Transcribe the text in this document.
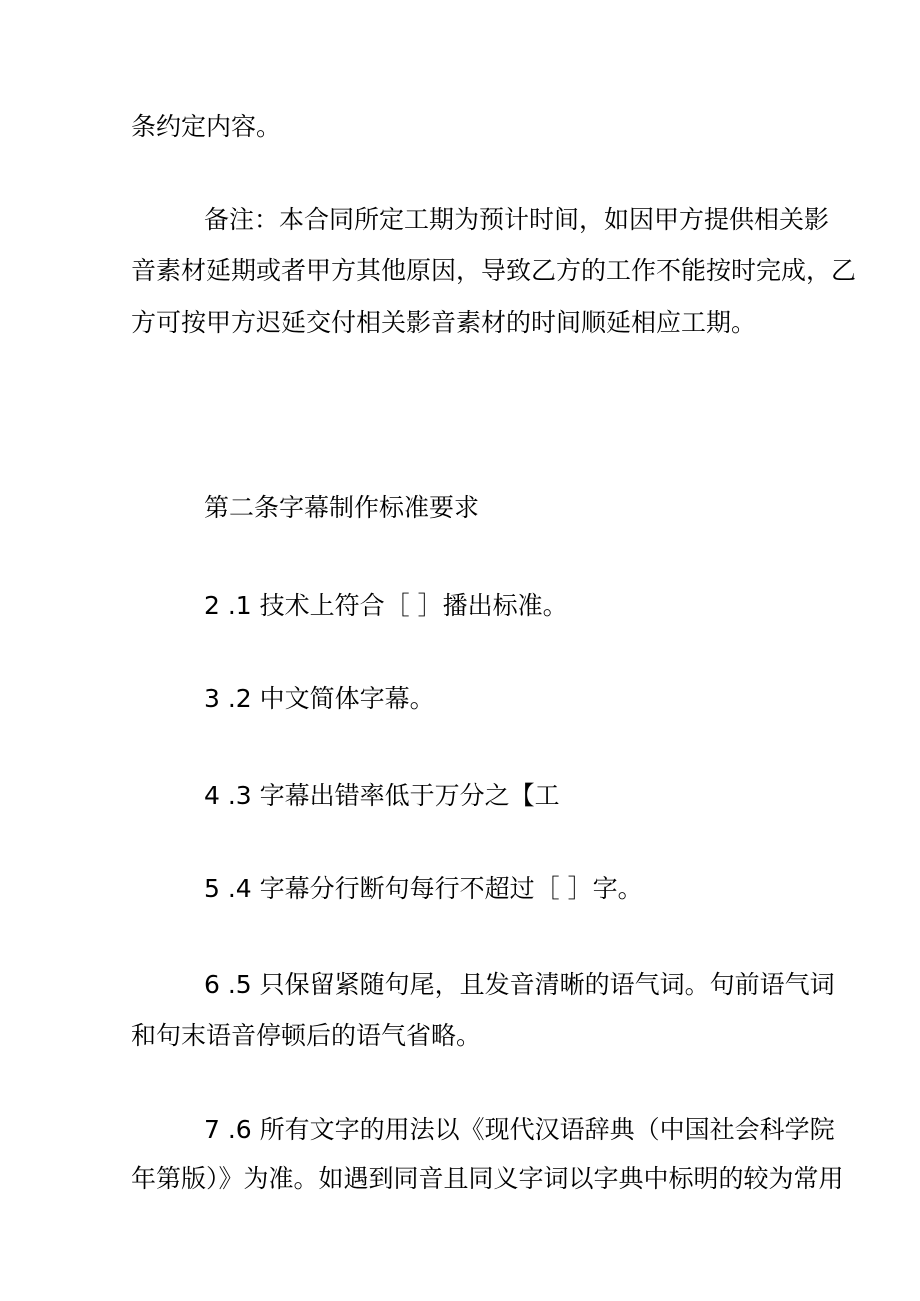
条约定内容。
备注：本合同所定工期为预计时间，如因甲方提供相关影
音素材延期或者甲方其他原因，导致乙方的工作不能按时完成，乙
方可按甲方迟延交付相关影音素材的时间顺延相应工期。
第二条字幕制作标准要求
2 .1 技术上符合［ ］播出标准。
3 .2 中文简体字幕。
4 .3 字幕出错率低于万分之【工
5 .4 字幕分行断句每行不超过［ ］字。
6 .5 只保留紧随句尾，且发音清晰的语气词。句前语气词
和句末语音停顿后的语气省略。
7 .6 所有文字的用法以《现代汉语辞典（中国社会科学院
年第版）》为准。如遇到同音且同义字词以字典中标明的较为常用
